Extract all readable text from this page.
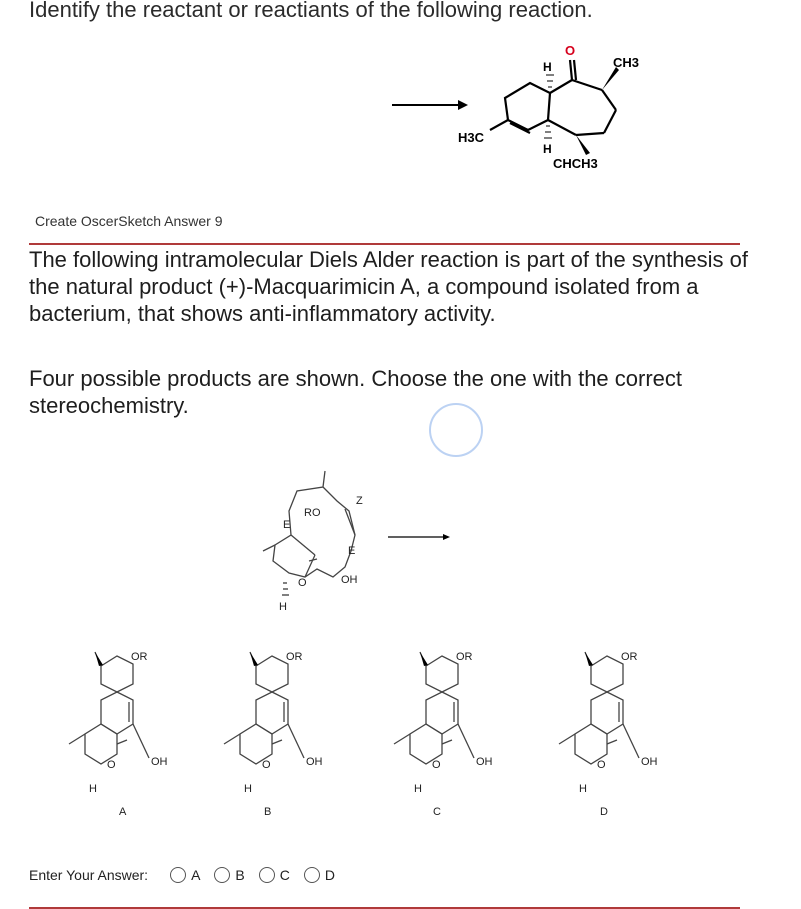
Identify the reactant or reactiants of the following reaction.
H
H
O
CH3
H3C
CHCH3
Create OscerSketch Answer 9
The following intramolecular Diels Alder reaction is part of the synthesis of the natural product (+)-Macquarimicin A, a compound isolated from a bacterium, that shows anti-inflammatory activity.
Four possible products are shown. Choose the one with the correct stereochemistry.
E
E
RO
Z
OH
O
H
OR
OH
H
O
A
OR
OH
H
O
B
OR
OH
H
O
C
OR
OH
H
O
D
Enter Your Answer:	A	B	C	D
